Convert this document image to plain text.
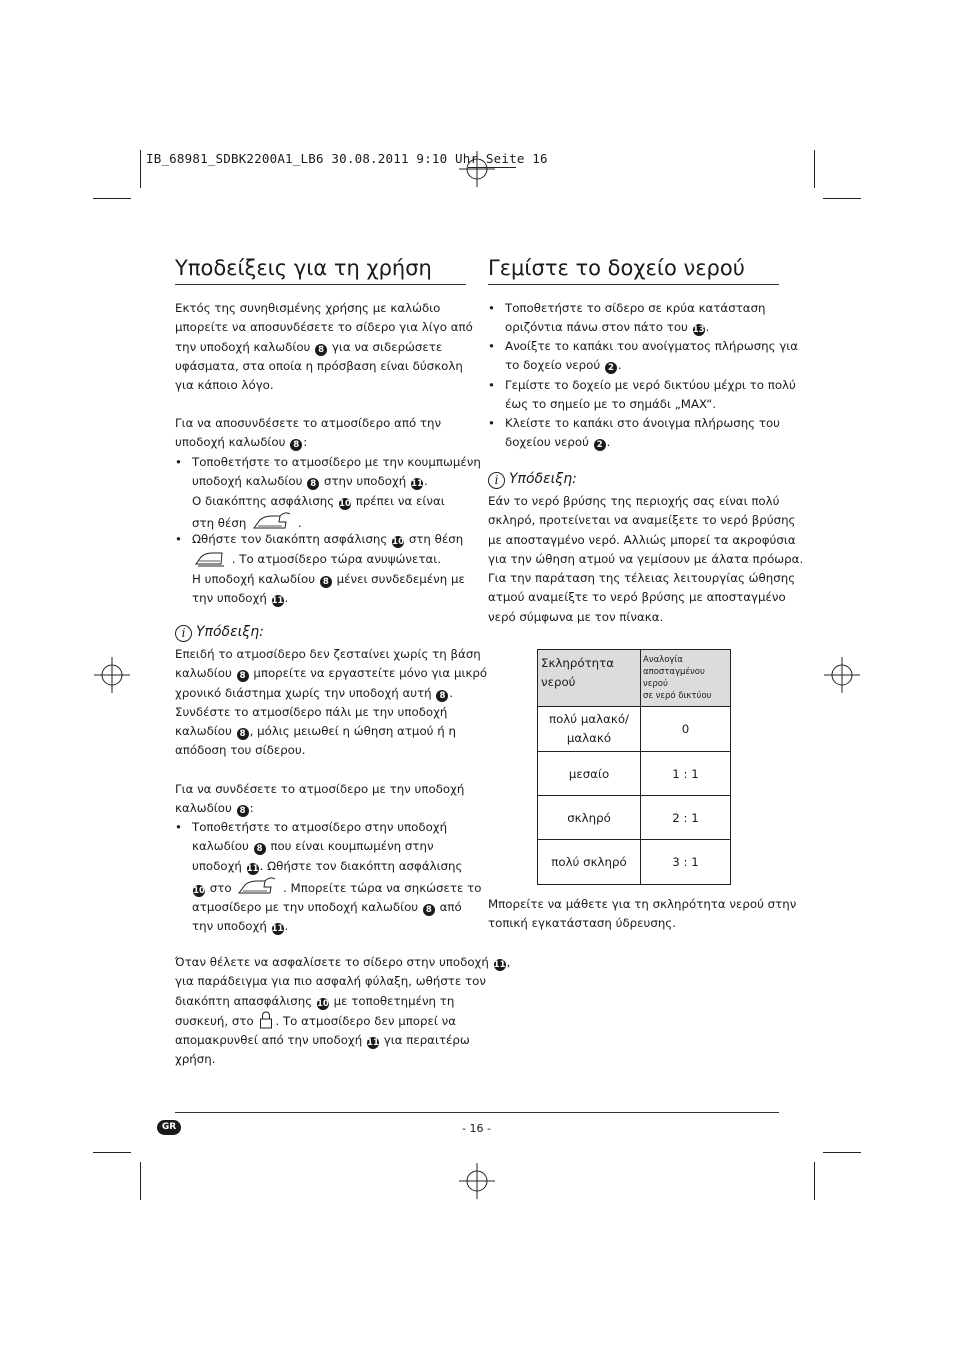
IB_68981_SDBK2200A1_LB6 30.08.2011 9:10 Uhr Seite 16
Υποδείξεις για τη χρήση
Εκτός της συνηθισμένης χρήσης με καλώδιο
μπορείτε να αποσυνδέσετε το σίδερο για λίγο από
την υποδοχή καλωδίου 8 για να σιδερώσετε
υφάσματα, στα οποία η πρόσβαση είναι δύσκολη
για κάποιο λόγο.
Για να αποσυνδέσετε το ατμοσίδερο από την
υποδοχή καλωδίου 8 :
• Τοποθετήστε το ατμοσίδερο με την κουμπωμένη
υποδοχή καλωδίου 8 στην υποδοχή 11.
Ο διακόπτης ασφάλισης 10 πρέπει να είναι
στη θέση	.
• Ωθήστε τον διακόπτη ασφάλισης 10 στη θέση
. Το ατμοσίδερο τώρα ανυψώνεται.
Η υποδοχή καλωδίου 8 μένει συνδεδεμένη με
την υποδοχή 11.
i Υπόδειξη:
Επειδή το ατμοσίδερο δεν ζεσταίνει χωρίς τη βάση
καλωδίου 8 μπορείτε να εργαστείτε μόνο για μικρό
χρονικό διάστημα χωρίς την υποδοχή αυτή 8 .
Συνδέστε το ατμοσίδερο πάλι με την υποδοχή
καλωδίου 8 , μόλις μειωθεί η ώθηση ατμού ή η
απόδοση του σίδερου.
Για να συνδέσετε το ατμοσίδερο με την υποδοχή
καλωδίου 8 :
• Τοποθετήστε το ατμοσίδερο στην υποδοχή
καλωδίου 8 που είναι κουμπωμένη στην
υποδοχή 11. Ωθήστε τον διακόπτη ασφάλισης
10 στο	. Μπορείτε τώρα να σηκώσετε το
ατμοσίδερο με την υποδοχή καλωδίου 8 από
την υποδοχή 11.
Όταν θέλετε να ασφαλίσετε το σίδερο στην υποδοχή 11,
για παράδειγμα για πιο ασφαλή φύλαξη, ωθήστε τον
διακόπτη απασφάλισης 10 με τοποθετημένη τη
συσκευή, στο . Το ατμοσίδερο δεν μπορεί να
απομακρυνθεί από την υποδοχή 11 για περαιτέρω
χρήση.
Γεμίστε το δοχείο νερού
• Τοποθετήστε το σίδερο σε κρύα κατάσταση
οριζόντια πάνω στον πάτο του 13.
• Ανοίξτε το καπάκι του ανοίγματος πλήρωσης για
το δοχείο νερού 2 .
• Γεμίστε το δοχείο με νερό δικτύου μέχρι το πολύ
έως το σημείο με το σημάδι „MAX“.
• Κλείστε το καπάκι στο άνοιγμα πλήρωσης του
δοχείου νερού 2 .
i Υπόδειξη:
Εάν το νερό βρύσης της περιοχής σας είναι πολύ
σκληρό, προτείνεται να αναμείξετε το νερό βρύσης
με αποσταγμένο νερό. Αλλιώς μπορεί τα ακροφύσια
για την ώθηση ατμού να γεμίσουν με άλατα πρόωρα.
Για την παράταση της τέλειας λειτουργίας ώθησης
ατμού αναμείξτε το νερό βρύσης με αποσταγμένο
νερό σύμφωνα με τον πίνακα.
Σκληρότητα
νερού	Αναλογία
αποσταγμένου νερού
σε νερό δικτύου

πολύ μαλακό/
μαλακό	0
μεσαίο	1 : 1
σκληρό	2 : 1
πολύ σκληρό	3 : 1
Μπορείτε να μάθετε για τη σκληρότητα νερού στην
τοπική εγκατάσταση ύδρευσης.
GR	- 16 -
